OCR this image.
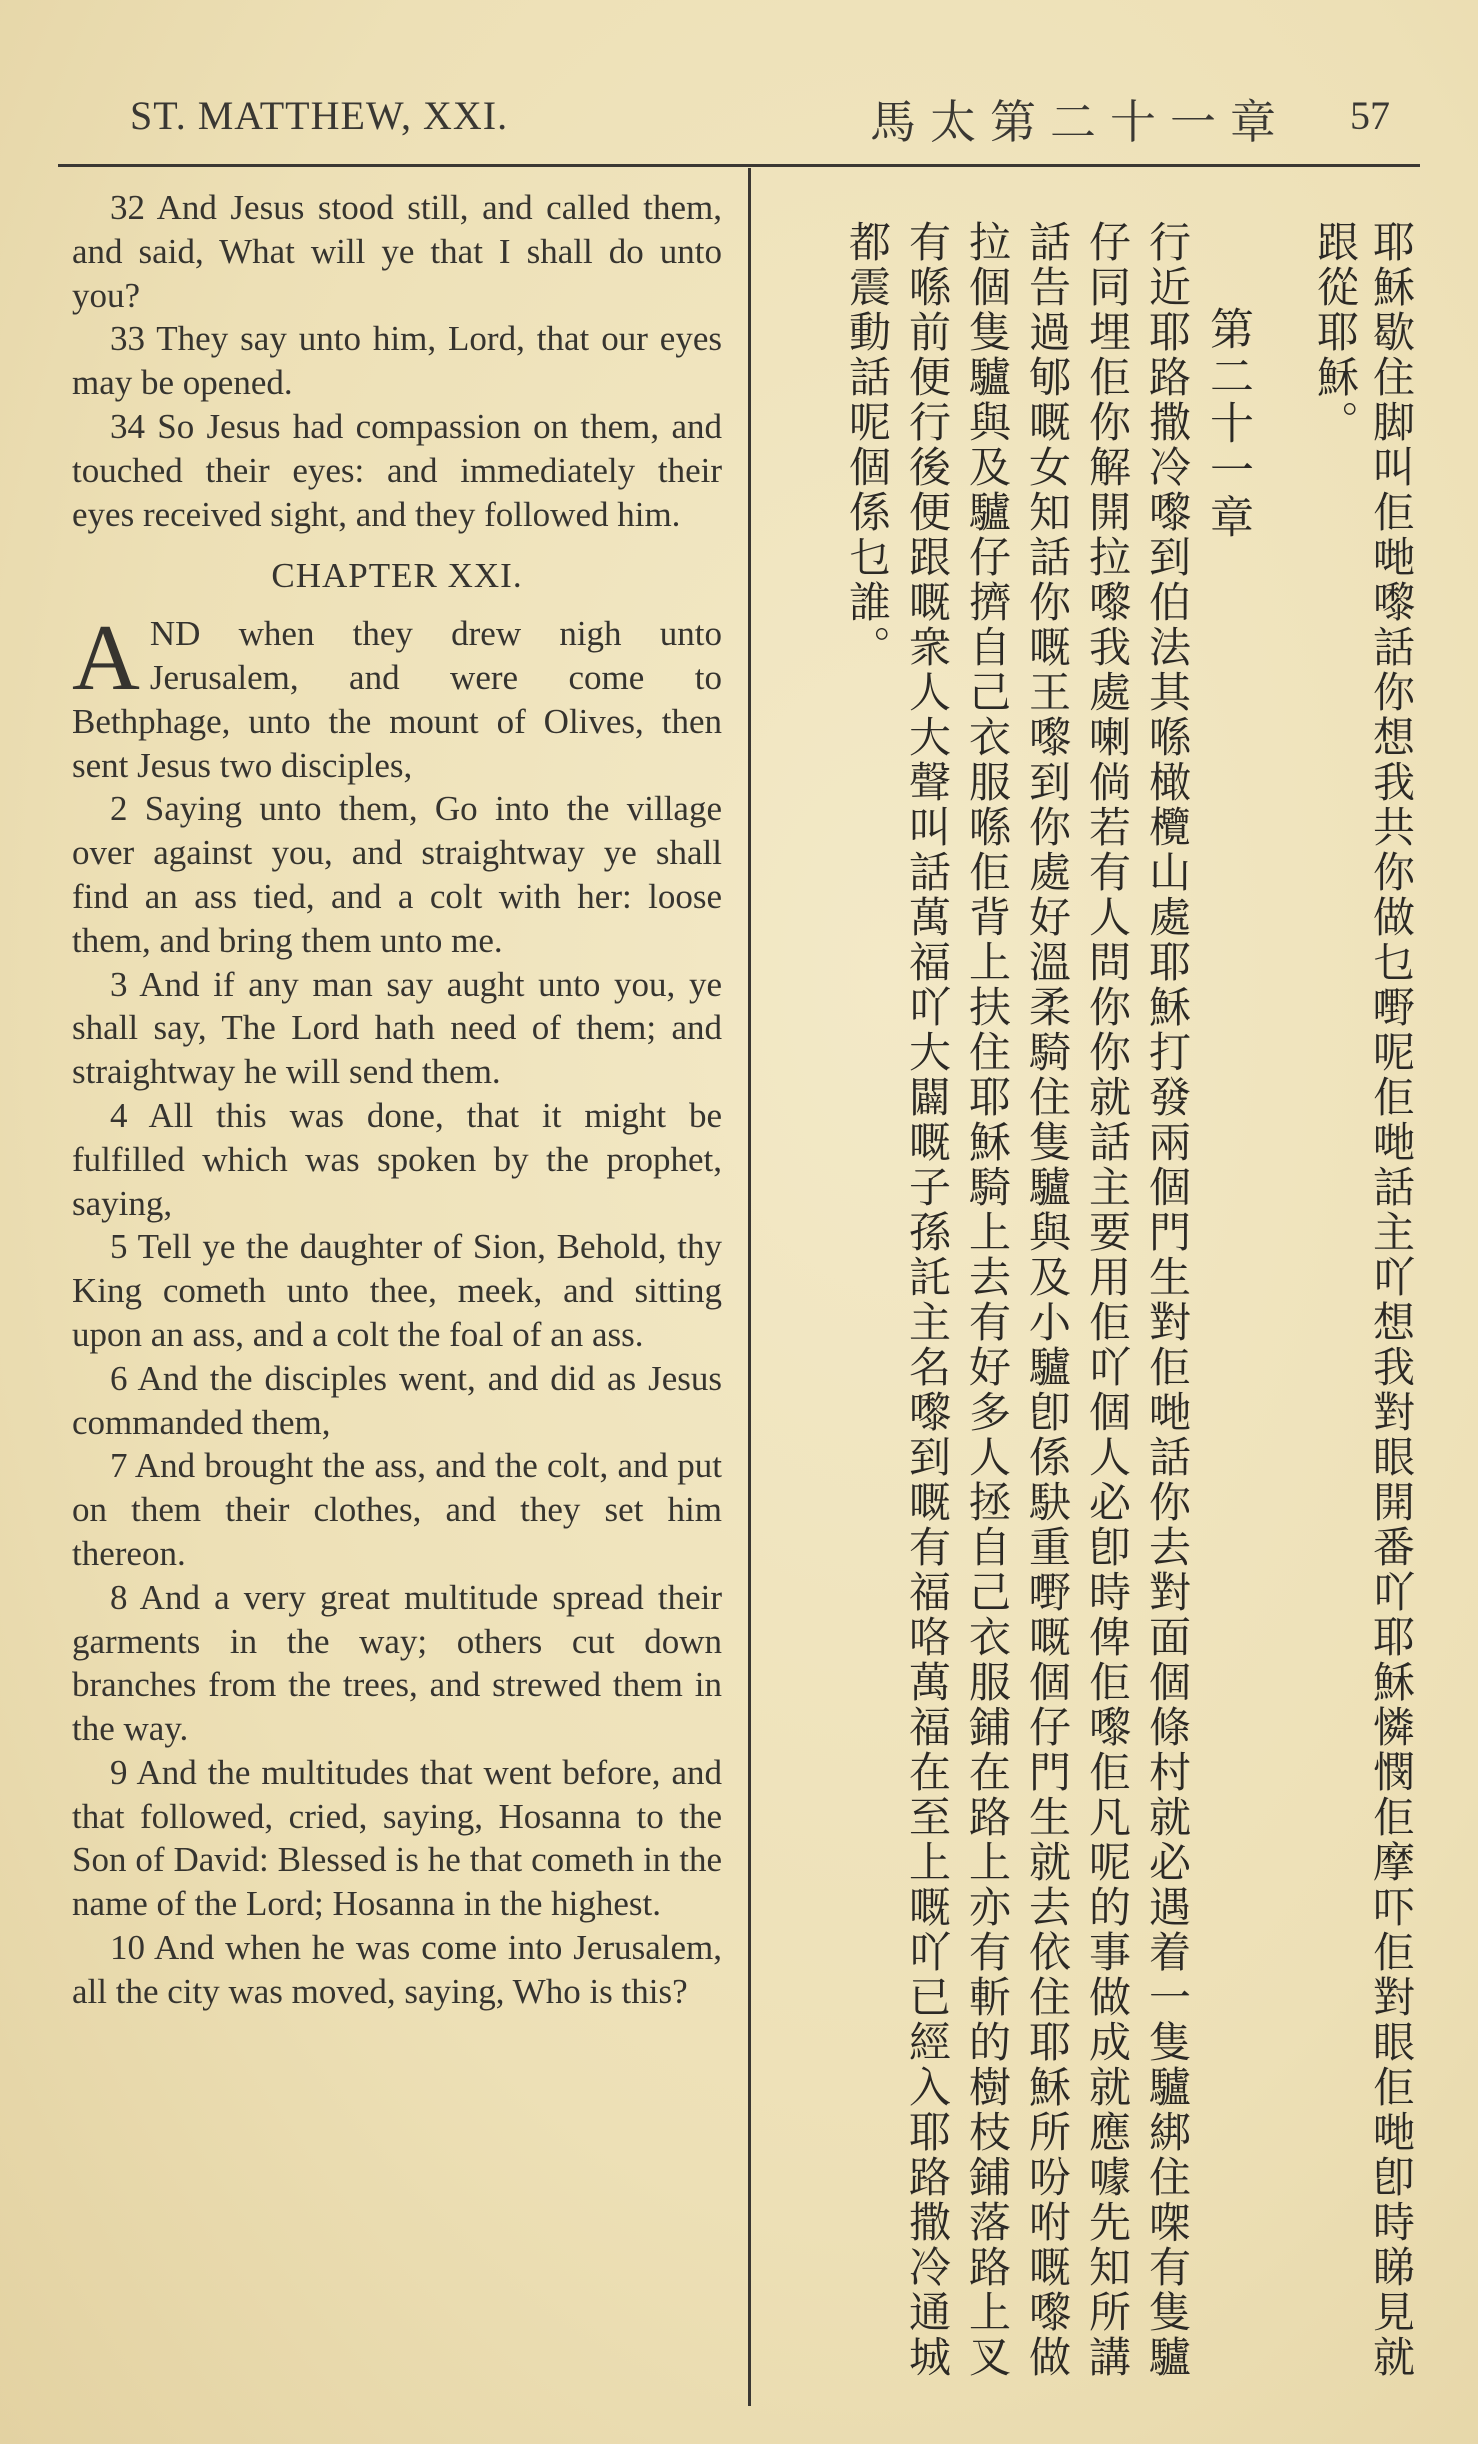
ST. MATTHEW, XXI.	馬太第二十一章 57

32 And Jesus stood still, and called them, and said, What will ye that I shall do unto you?

33 They say unto him, Lord, that our eyes may be opened.

34 So Jesus had compassion on them, and touched their eyes: and immediately their eyes received sight, and they followed him.

CHAPTER XXI.

AND when they drew nigh unto Jerusalem, and were come to Bethphage, unto the mount of Olives, then sent Jesus two disciples,

2 Saying unto them, Go into the village over against you, and straightway ye shall find an ass tied, and a colt with her: loose them, and bring them unto me.

3 And if any man say aught unto you, ye shall say, The Lord hath need of them; and straightway he will send them.

4 All this was done, that it might be fulfilled which was spoken by the prophet, saying,

5 Tell ye the daughter of Sion, Behold, thy King cometh unto thee, meek, and sitting upon an ass, and a colt the foal of an ass.

6 And the disciples went, and did as Jesus commanded them,

7 And brought the ass, and the colt, and put on them their clothes, and they set him thereon.

8 And a very great multitude spread their garments in the way; others cut down branches from the trees, and strewed them in the way.

9 And the multitudes that went before, and that followed, cried, saying, Hosanna to the Son of David: Blessed is he that cometh in the name of the Lord; Hosanna in the highest.

10 And when he was come into Jerusalem, all the city was moved, saying, Who is this?	耶穌歇住脚叫佢哋嚟話你想我共你做乜嘢呢佢哋話主吖想我對眼開番吖耶穌憐憫佢摩吓佢對眼佢哋卽時睇見就
跟從耶穌。
第二十一章
行近耶路撒冷嚟到伯法其喺橄欖山處耶穌打發兩個門生對佢哋話你去對面個條村就必遇着一隻驢綁住㗎有隻驢
仔同埋佢你解開拉嚟我處喇倘若有人問你你就話主要用佢吖個人必卽時俾佢嚟佢凡呢的事做成就應噱先知所講
話告過郇嘅女知話你嘅王嚟到你處好溫柔騎住隻驢與及小驢卽係駃重嘢嘅個仔門生就去依住耶穌所吩咐嘅嚟做
拉個隻驢與及驢仔擠自己衣服喺佢背上扶住耶穌騎上去有好多人拯自己衣服鋪在路上亦有斬的樹枝鋪落路上叉
有喺前便行後便跟嘅衆人大聲叫話萬福吖大闢嘅子孫託主名嚟到嘅有福咯萬福在至上嘅吖已經入耶路撒冷通城
都震動話呢個係乜誰。
